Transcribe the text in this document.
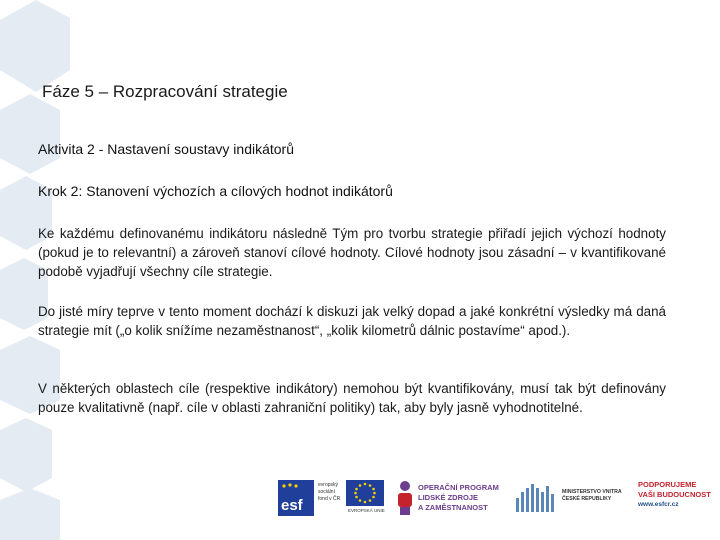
Fáze 5 – Rozpracování strategie
Aktivita 2 - Nastavení soustavy indikátorů
Krok 2: Stanovení výchozích a cílových hodnot indikátorů

Ke každému definovanému indikátoru následně Tým pro tvorbu strategie přiřadí jejich výchozí hodnoty (pokud je to relevantní) a zároveň stanoví cílové hodnoty. Cílové hodnoty jsou zásadní – v kvantifikované podobě vyjadřují všechny cíle strategie.

Do jisté míry teprve v tento moment dochází k diskuzi jak velký dopad a jaké konkrétní výsledky má daná strategie mít („o kolik snížíme nezaměstnanost“, „kolik kilometrů dálnic postavíme“ apod.).

V některých oblastech cíle (respektive indikátory) nemohou být kvantifikovány, musí tak být definovány pouze kvalitativně (např. cíle v oblasti zahraniční politiky) tak, aby byly jasně vyhodnotitelné.

esf
evropský
sociální
fond v ČR
EVROPSKÁ UNIE
OPERAČNÍ PROGRAM
LIDSKÉ ZDROJE
A ZAMĚSTNANOST
MINISTERSTVO VNITRA
ČESKÉ REPUBLIKY
PODPORUJEME
VAŠI BUDOUCNOST
www.esfcr.cz
